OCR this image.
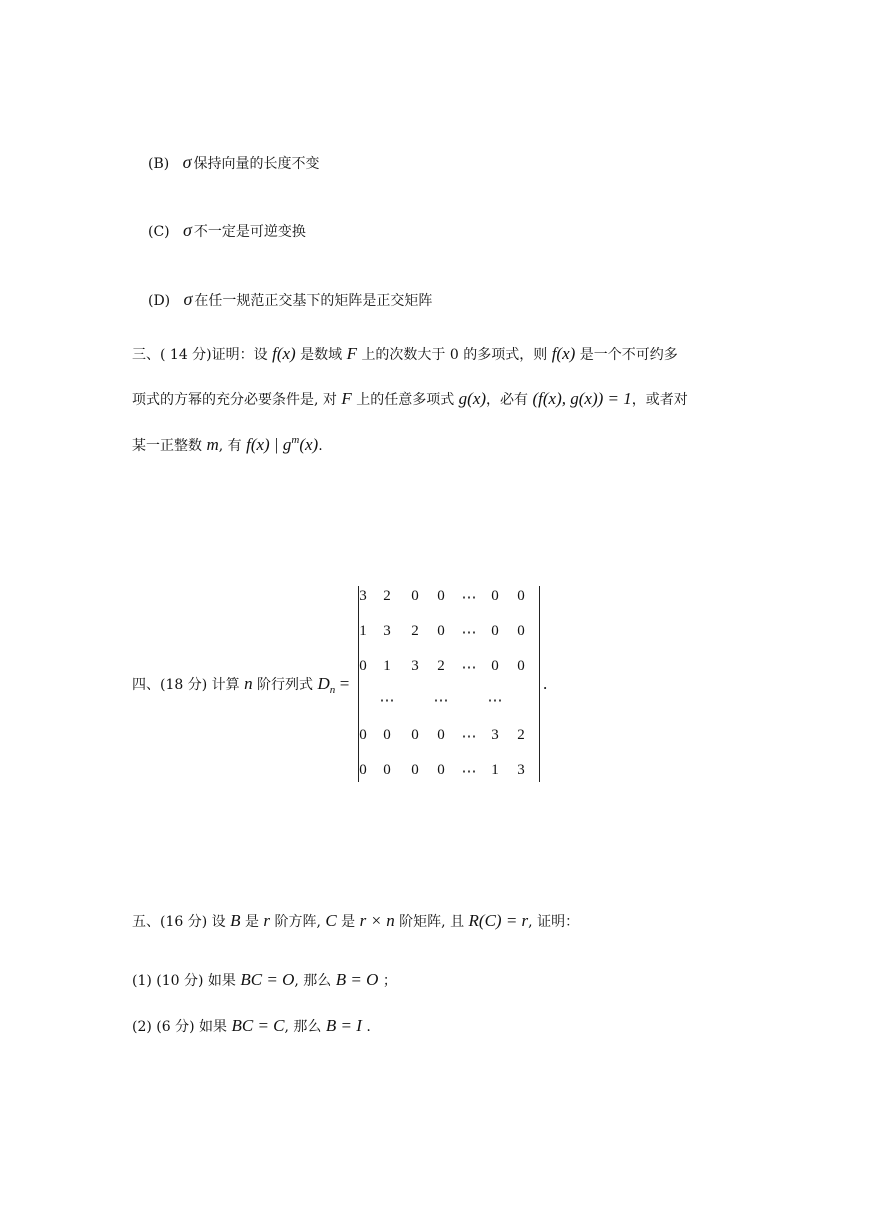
(B) σ 保持向量的长度不变
(C) σ 不一定是可逆变换
(D) σ 在任一规范正交基下的矩阵是正交矩阵
三、( 14 分)证明：设 f(x) 是数域 F 上的次数大于 0 的多项式，则 f(x) 是一个不可约多
项式的方幂的充分必要条件是, 对 F 上的任意多项式 g(x)，必有 (f(x), g(x)) = 1，或者对
某一正整数 m, 有 f(x) | $g^m(x)$.
四、(18 分) 计算 n 阶行列式 $D_n$ =
3	2	0	0	⋯ 0	0
1	3	2	0	⋯ 0	0
0	1	3	2	⋯ 0	0
⋯	⋯	⋯
0	0	0	0	⋯ 3	2
0	0	0	0	⋯ 1	3
.
五、(16 分) 设 B 是 r 阶方阵, C 是 r × n 阶矩阵, 且 R(C) = r, 证明：
(1) (10 分) 如果 BC = O, 那么 B = O ；
(2) (6 分) 如果 BC = C, 那么 B = I .
